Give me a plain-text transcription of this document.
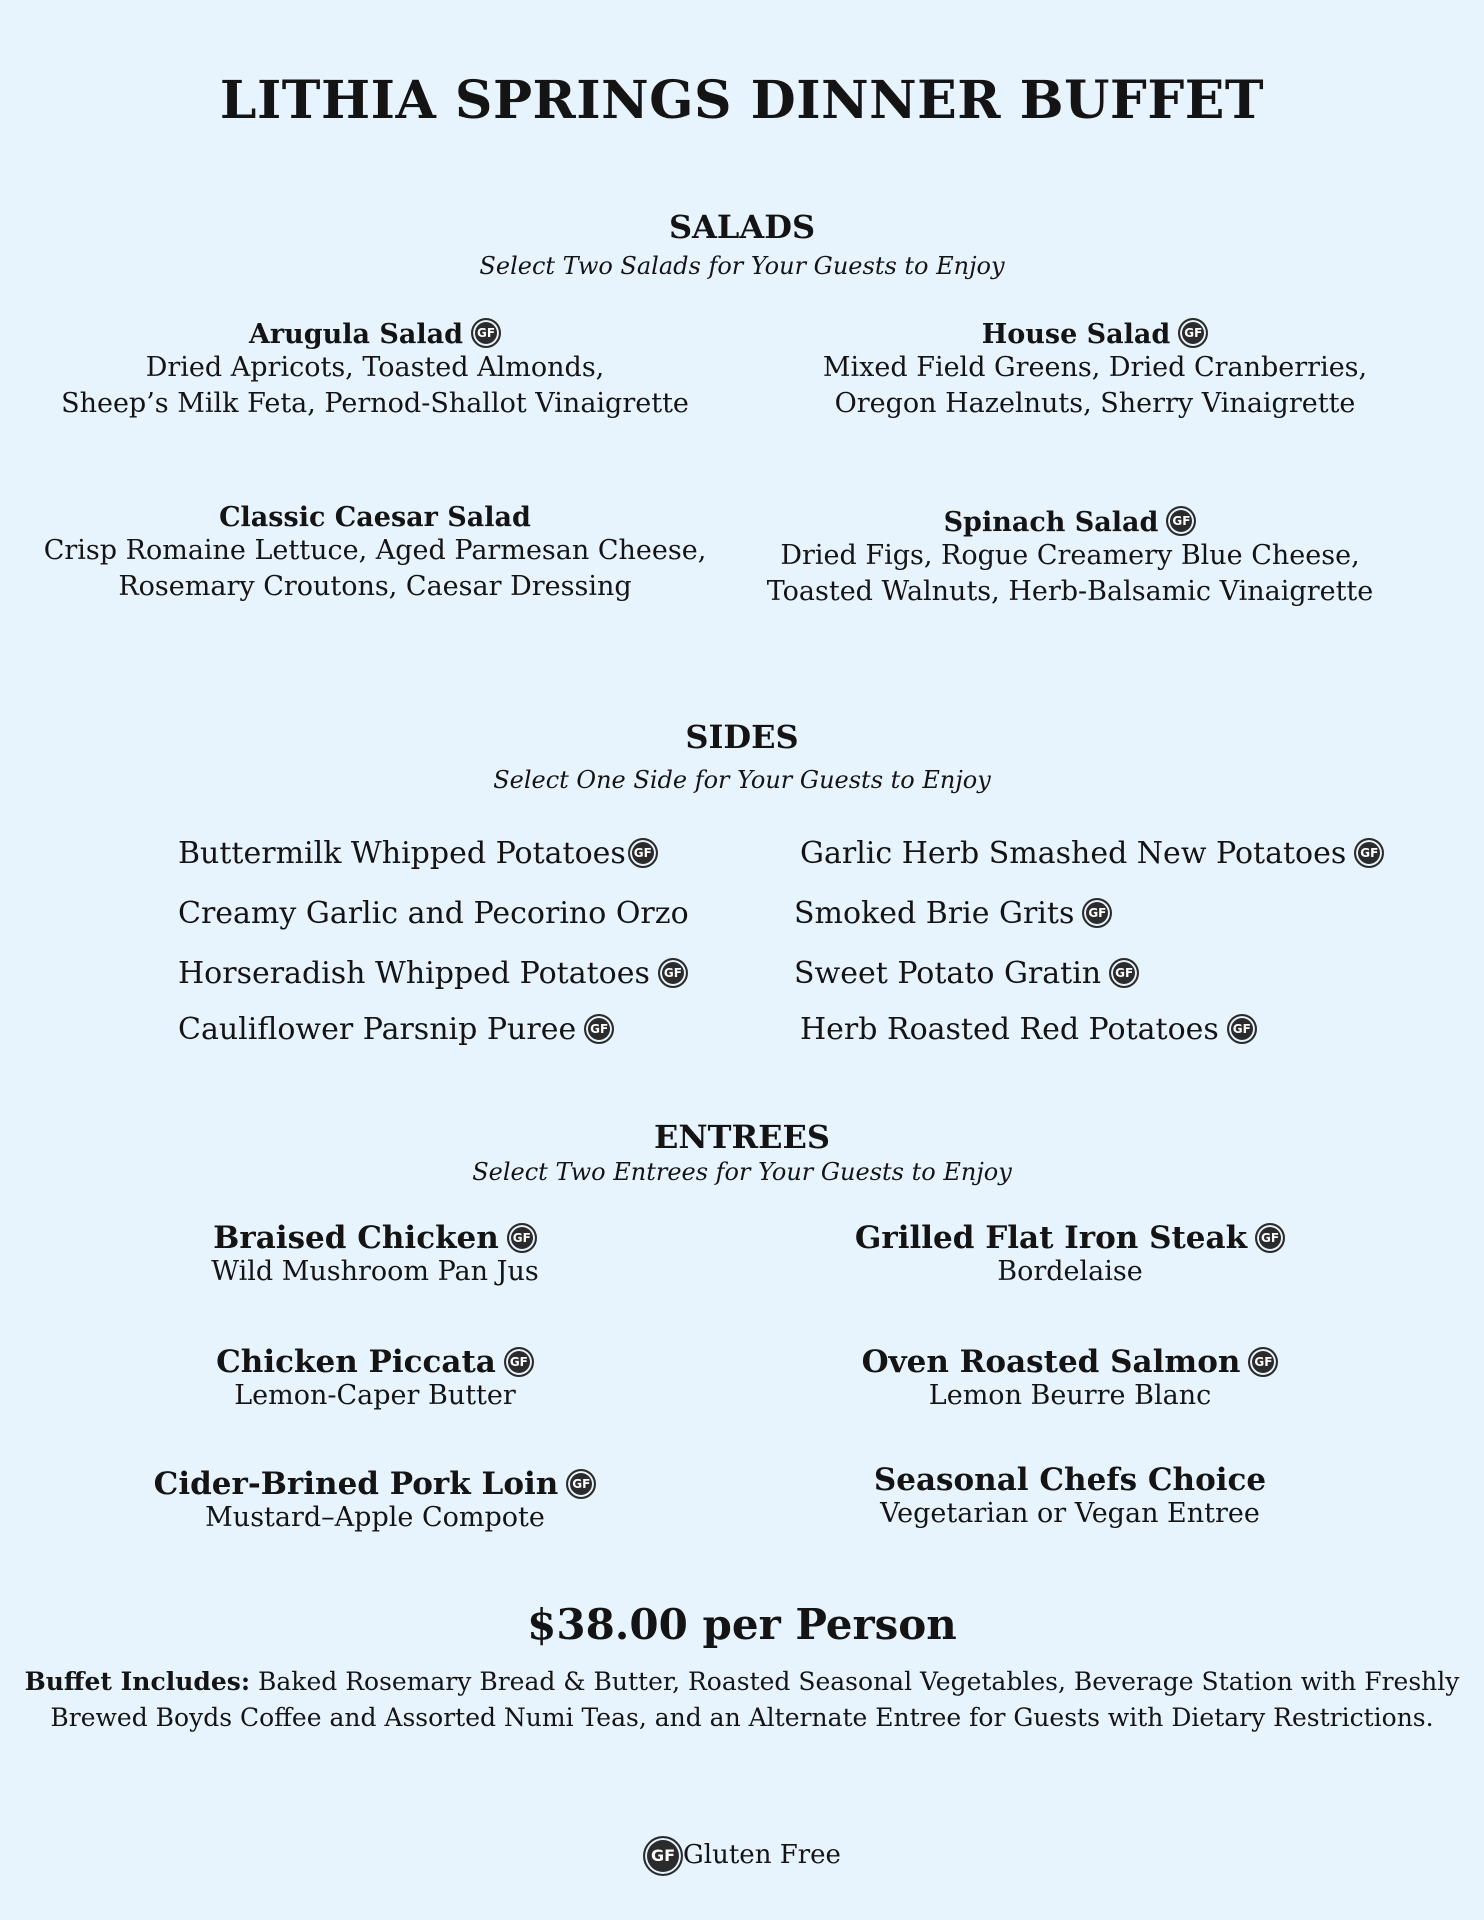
LITHIA SPRINGS DINNER BUFFET
SALADS
Select Two Salads for Your Guests to Enjoy
Arugula Salad GF
Dried Apricots, Toasted Almonds,
Sheep’s Milk Feta, Pernod-Shallot Vinaigrette
House Salad GF
Mixed Field Greens, Dried Cranberries,
Oregon Hazelnuts, Sherry Vinaigrette
Classic Caesar Salad
Crisp Romaine Lettuce, Aged Parmesan Cheese,
Rosemary Croutons, Caesar Dressing
Spinach Salad GF
Dried Figs, Rogue Creamery Blue Cheese,
Toasted Walnuts, Herb-Balsamic Vinaigrette
SIDES
Select One Side for Your Guests to Enjoy
Buttermilk Whipped Potatoes GF	Garlic Herb Smashed New Potatoes GF
Creamy Garlic and Pecorino Orzo	Smoked Brie Grits GF
Horseradish Whipped Potatoes GF	Sweet Potato Gratin GF
Cauliflower Parsnip Puree GF	Herb Roasted Red Potatoes GF
ENTREES
Select Two Entrees for Your Guests to Enjoy
Braised Chicken GF
Wild Mushroom Pan Jus
Grilled Flat Iron Steak GF
Bordelaise
Chicken Piccata GF
Lemon-Caper Butter
Oven Roasted Salmon GF
Lemon Beurre Blanc
Cider-Brined Pork Loin GF
Mustard–Apple Compote
Seasonal Chefs Choice
Vegetarian or Vegan Entree
$38.00 per Person
Buffet Includes: Baked Rosemary Bread & Butter, Roasted Seasonal Vegetables, Beverage Station with Freshly
Brewed Boyds Coffee and Assorted Numi Teas, and an Alternate Entree for Guests with Dietary Restrictions.
GF Gluten Free
